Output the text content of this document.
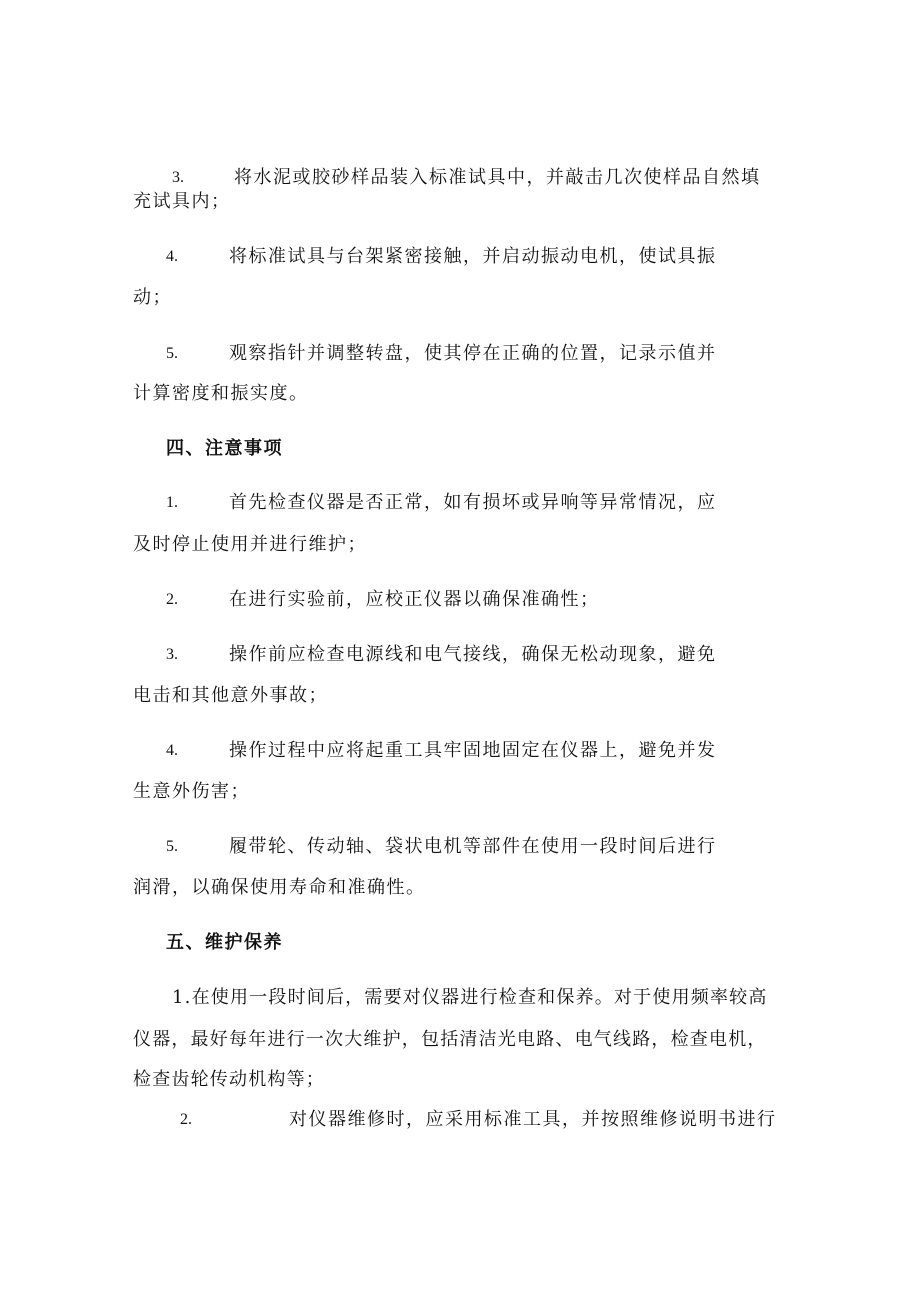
3.	将水泥或胶砂样品装入标准试具中，并敲击几次使样品自然填
充试具内；
4.	将标准试具与台架紧密接触，并启动振动电机，使试具振
动；
5.	观察指针并调整转盘，使其停在正确的位置，记录示值并
计算密度和振实度。
四、注意事项
1.	首先检查仪器是否正常，如有损坏或异响等异常情况，应
及时停止使用并进行维护；
2.	在进行实验前，应校正仪器以确保准确性；
3.	操作前应检查电源线和电气接线，确保无松动现象，避免
电击和其他意外事故；
4.	操作过程中应将起重工具牢固地固定在仪器上，避免并发
生意外伤害；
5.	履带轮、传动轴、袋状电机等部件在使用一段时间后进行
润滑，以确保使用寿命和准确性。
五、维护保养
1.在使用一段时间后，需要对仪器进行检查和保养。对于使用频率较高
仪器，最好每年进行一次大维护，包括清洁光电路、电气线路，检查电机，
检查齿轮传动机构等；
2.	对仪器维修时，应采用标准工具，并按照维修说明书进行
